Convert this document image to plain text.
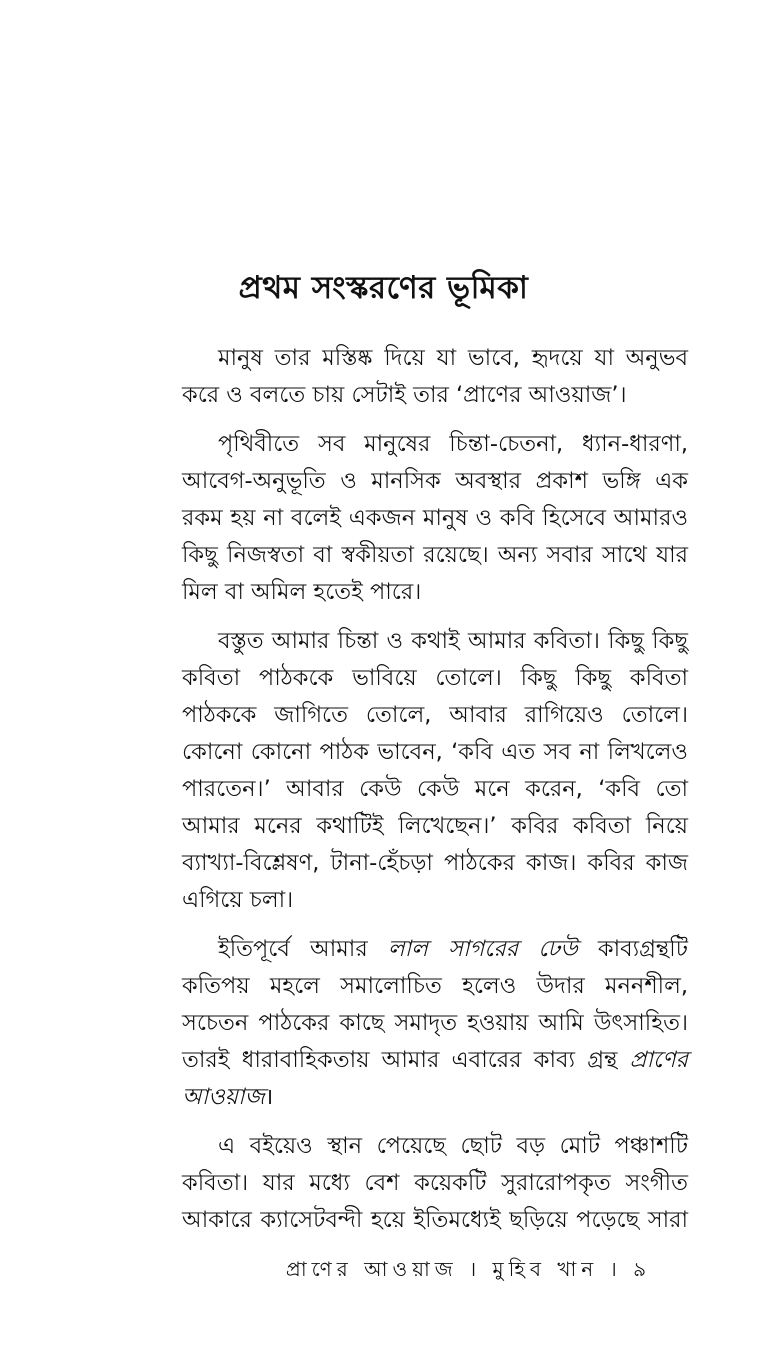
প্রথম সংস্করণের ভূমিকা

মানুষ তার মস্তিষ্ক দিয়ে যা ভাবে, হৃদয়ে যা অনুভব করে ও বলতে চায় সেটাই তার ‘প্রাণের আওয়াজ’।

পৃথিবীতে সব মানুষের চিন্তা-চেতনা, ধ্যান-ধারণা, আবেগ-অনুভূতি ও মানসিক অবস্থার প্রকাশ ভঙ্গি এক রকম হয় না বলেই একজন মানুষ ও কবি হিসেবে আমারও কিছু নিজস্বতা বা স্বকীয়তা রয়েছে। অন্য সবার সাথে যার মিল বা অমিল হতেই পারে।

বস্তুত আমার চিন্তা ও কথাই আমার কবিতা। কিছু কিছু কবিতা পাঠককে ভাবিয়ে তোলে। কিছু কিছু কবিতা পাঠককে জাগিতে তোলে, আবার রাগিয়েও তোলে। কোনো কোনো পাঠক ভাবেন, ‘কবি এত সব না লিখলেও পারতেন।’ আবার কেউ কেউ মনে করেন, ‘কবি তো আমার মনের কথাটিই লিখেছেন।’ কবির কবিতা নিয়ে ব্যাখ্যা-বিশ্লেষণ, টানা-হেঁচড়া পাঠকের কাজ। কবির কাজ এগিয়ে চলা।

ইতিপূর্বে আমার লাল সাগরের ঢেউ কাব্যগ্রন্থটি কতিপয় মহলে সমালোচিত হলেও উদার মননশীল, সচেতন পাঠকের কাছে সমাদৃত হওয়ায় আমি উৎসাহিত। তারই ধারাবাহিকতায় আমার এবারের কাব্য গ্রন্থ প্রাণের আওয়াজ।

এ বইয়েও স্থান পেয়েছে ছোট বড় মোট পঞ্চাশটি কবিতা। যার মধ্যে বেশ কয়েকটি সুরারোপকৃত সংগীত আকারে ক্যাসেটবন্দী হয়ে ইতিমধ্যেই ছড়িয়ে পড়েছে সারা

প্রাণের আওয়াজ । মুহিব খান । ৯
